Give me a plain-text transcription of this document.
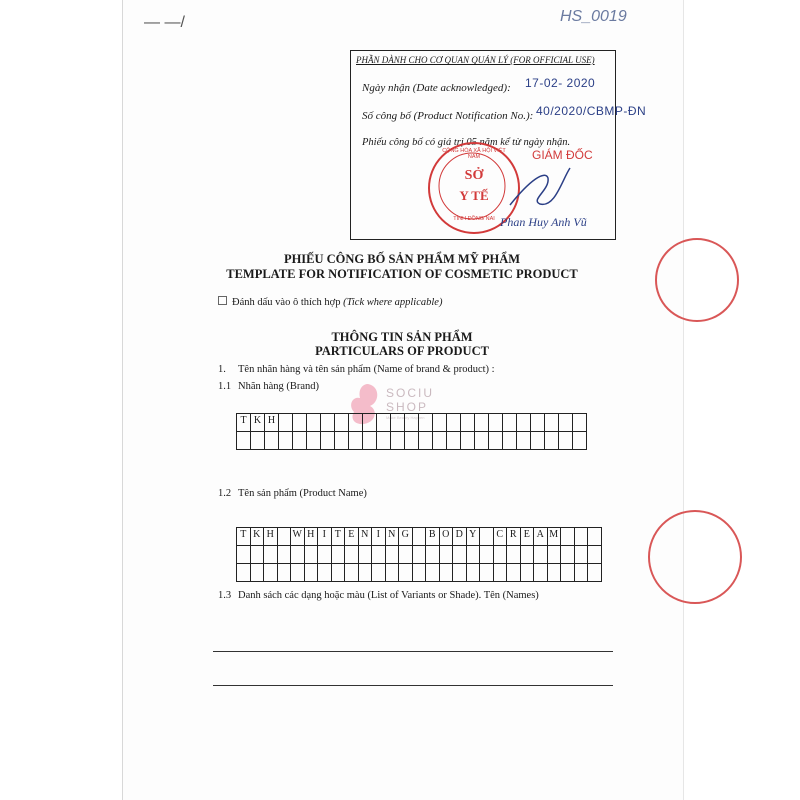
— —/	HS_0019
PHẦN DÀNH CHO CƠ QUAN QUẢN LÝ (FOR OFFICIAL USE)
Ngày nhận (Date acknowledged): 17-02- 2020
Số công bố (Product Notification No.): 40/2020/CBMP-ĐN
Phiếu công bố có giá trị 05 năm kể từ ngày nhận.
CỘNG HÒA XÃ HỘI VIỆT NAM
SỞ
Y TẾ
TỈNH ĐỒNG NAI
GIÁM ĐỐC
Phan Huy Anh Vũ
PHIẾU CÔNG BỐ SẢN PHẨM MỸ PHẨM
TEMPLATE FOR NOTIFICATION OF COSMETIC PRODUCT
Đánh dấu vào ô thích hợp (Tick where applicable)
THÔNG TIN SẢN PHẨM
PARTICULARS OF PRODUCT
1. Tên nhãn hàng và tên sản phẩm (Name of brand & product) :
1.1 Nhãn hàng (Brand)	SOCIU
SHOP
Make Beauty Happen
T K H
1.2 Tên sản phẩm (Product Name)
T K H	W H I T E N I N G	B O D Y	C R E A M
1.3 Danh sách các dạng hoặc màu (List of Variants or Shade). Tên (Names)
